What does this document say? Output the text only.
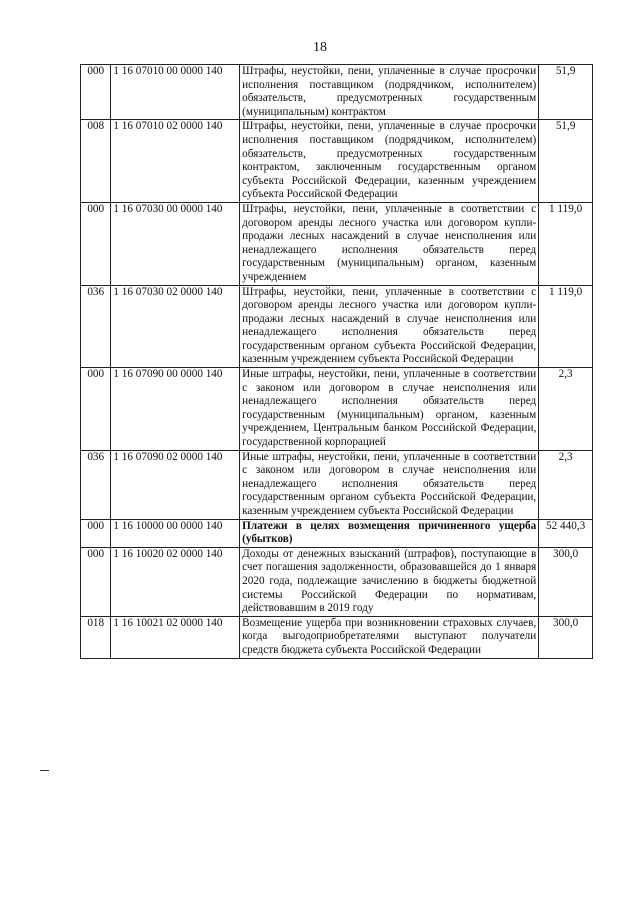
18
000	1 16 07010 00 0000 140	Штрафы, неустойки, пени, уплаченные в случае просрочки исполнения поставщиком (подрядчиком, исполнителем) обязательств, предусмотренных государственным (муниципальным) контрактом	51,9
008	1 16 07010 02 0000 140	Штрафы, неустойки, пени, уплаченные в случае просрочки исполнения поставщиком (подрядчиком, исполнителем) обязательств, предусмотренных государственным контрактом, заключенным государственным органом субъекта Российской Федерации, казенным учреждением субъекта Российской Федерации	51,9
000	1 16 07030 00 0000 140	Штрафы, неустойки, пени, уплаченные в соответствии с договором аренды лесного участка или договором купли-продажи лесных насаждений в случае неисполнения или ненадлежащего исполнения обязательств перед государственным (муниципальным) органом, казенным учреждением	1 119,0
036	1 16 07030 02 0000 140	Штрафы, неустойки, пени, уплаченные в соответствии с договором аренды лесного участка или договором купли-продажи лесных насаждений в случае неисполнения или ненадлежащего исполнения обязательств перед государственным органом субъекта Российской Федерации, казенным учреждением субъекта Российской Федерации	1 119,0
000	1 16 07090 00 0000 140	Иные штрафы, неустойки, пени, уплаченные в соответствии с законом или договором в случае неисполнения или ненадлежащего исполнения обязательств перед государственным (муниципальным) органом, казенным учреждением, Центральным банком Российской Федерации, государственной корпорацией	2,3
036	1 16 07090 02 0000 140	Иные штрафы, неустойки, пени, уплаченные в соответствии с законом или договором в случае неисполнения или ненадлежащего исполнения обязательств перед государственным органом субъекта Российской Федерации, казенным учреждением субъекта Российской Федерации	2,3
000	1 16 10000 00 0000 140	Платежи в целях возмещения причиненного ущерба (убытков)	52 440,3
000	1 16 10020 02 0000 140	Доходы от денежных взысканий (штрафов), поступающие в счет погашения задолженности, образовавшейся до 1 января 2020 года, подлежащие зачислению в бюджеты бюджетной системы Российской Федерации по нормативам, действовавшим в 2019 году	300,0
018	1 16 10021 02 0000 140	Возмещение ущерба при возникновении страховых случаев, когда выгодоприобретателями выступают получатели средств бюджета субъекта Российской Федерации	300,0
